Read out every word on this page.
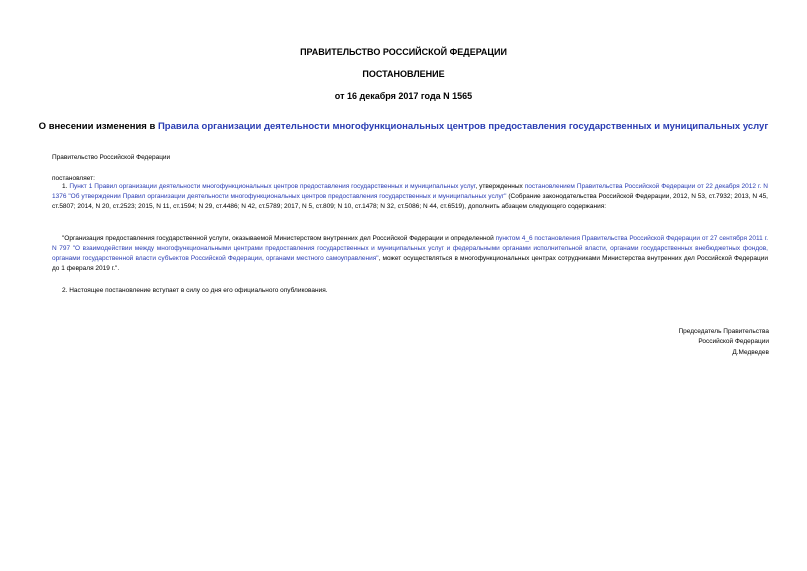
ПРАВИТЕЛЬСТВО РОССИЙСКОЙ ФЕДЕРАЦИИ
ПОСТАНОВЛЕНИЕ
от 16 декабря 2017 года N 1565
О внесении изменения в Правила организации деятельности многофункциональных центров предоставления государственных и муниципальных услуг
Правительство Российской Федерации
постановляет:
1. Пункт 1 Правил организации деятельности многофункциональных центров предоставления государственных и муниципальных услуг, утвержденных постановлением Правительства Российской Федерации от 22 декабря 2012 г. N 1376 "Об утверждении Правил организации деятельности многофункциональных центров предоставления государственных и муниципальных услуг" (Собрание законодательства Российской Федерации, 2012, N 53, ст.7932; 2013, N 45, ст.5807; 2014, N 20, ст.2523; 2015, N 11, ст.1594; N 29, ст.4486; N 42, ст.5789; 2017, N 5, ст.809; N 10, ст.1478; N 32, ст.5086; N 44, ст.6519), дополнить абзацем следующего содержания:
"Организация предоставления государственной услуги, оказываемой Министерством внутренних дел Российской Федерации и определенной пунктом 4_6 постановления Правительства Российской Федерации от 27 сентября 2011 г. N 797 "О взаимодействии между многофункциональными центрами предоставления государственных и муниципальных услуг и федеральными органами исполнительной власти, органами государственных внебюджетных фондов, органами государственной власти субъектов Российской Федерации, органами местного самоуправления", может осуществляться в многофункциональных центрах сотрудниками Министерства внутренних дел Российской Федерации до 1 февраля 2019 г.".
2. Настоящее постановление вступает в силу со дня его официального опубликования.
Председатель Правительства
Российской Федерации
Д.Медведев
